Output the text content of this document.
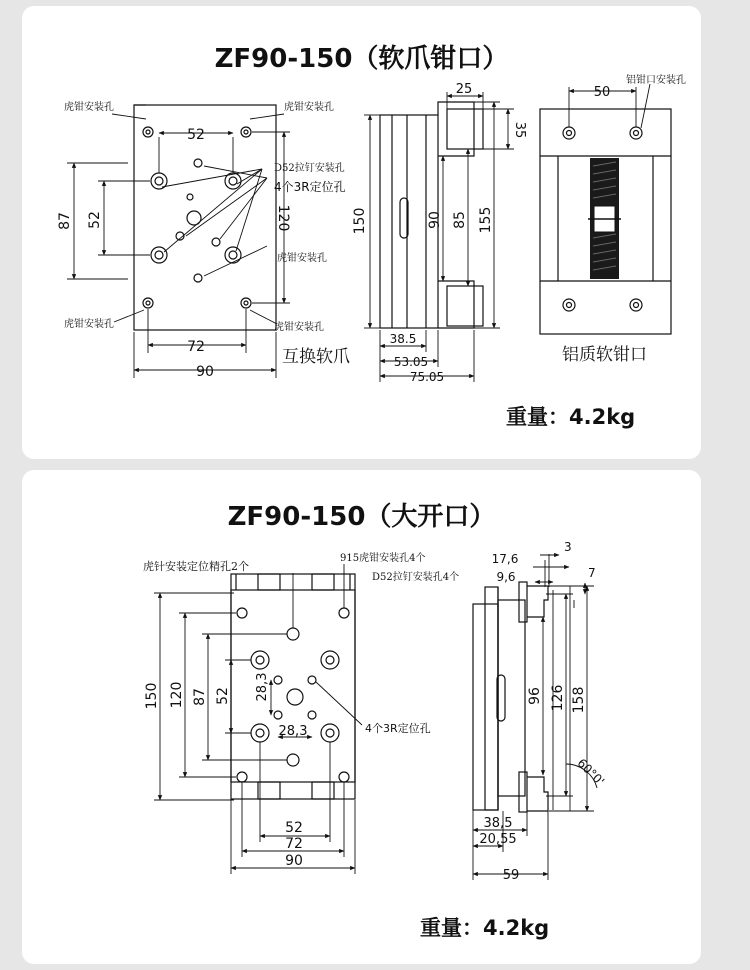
ZF90-150（软爪钳口）
52
87 52	120
72
90
虎钳安装孔	虎钳安装孔
D52拉钉安装孔
4个3R定位孔
虎钳安装孔
虎钳安装孔	虎钳安装孔
互换软爪
25
35
150	90 85 155
38.5
53.05
75.05
50
铝钳口安装孔
铝质软钳口
重量：4.2kg
ZF90-150（大开口）
150 120 87 52 28,3
28,3
52
72
90
虎针安装定位精孔2个
915虎钳安装孔4个
D52拉钉安装孔4个
4个3R定位孔
17,6
3
9,6	7
96 126 158
60°0'
38,5
20,55
59
重量：4.2kg
